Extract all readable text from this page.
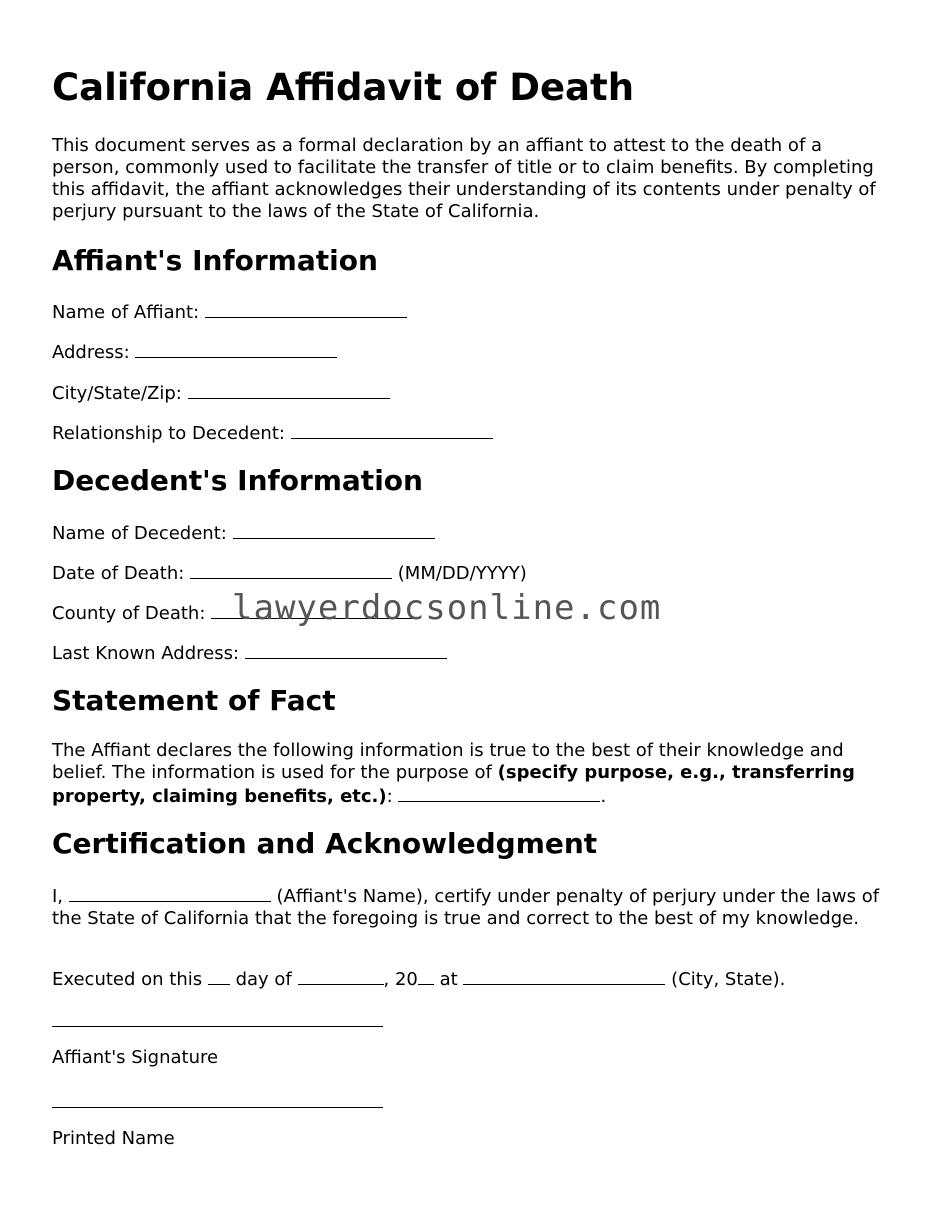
California Affidavit of Death

This document serves as a formal declaration by an affiant to attest to the death of a person, commonly used to facilitate the transfer of title or to claim benefits. By completing this affidavit, the affiant acknowledges their understanding of its contents under penalty of perjury pursuant to the laws of the State of California.

Affiant's Information
Name of Affiant:
Address:
City/State/Zip:
Relationship to Decedent:
Decedent's Information
Name of Decedent:
Date of Death:	(MM/DD/YYYY)
County of Death:
Last Known Address:
Statement of Fact

The Affiant declares the following information is true to the best of their knowledge and belief. The information is used for the purpose of (specify purpose, e.g., transferring property, claiming benefits, etc.):	.

Certification and Acknowledgment

I,	(Affiant's Name), certify under penalty of perjury under the laws of the State of California that the foregoing is true and correct to the best of my knowledge.

Executed on this day of	, 20 at	(City, State).
Affiant's Signature
Printed Name
lawyerdocsonline.com
